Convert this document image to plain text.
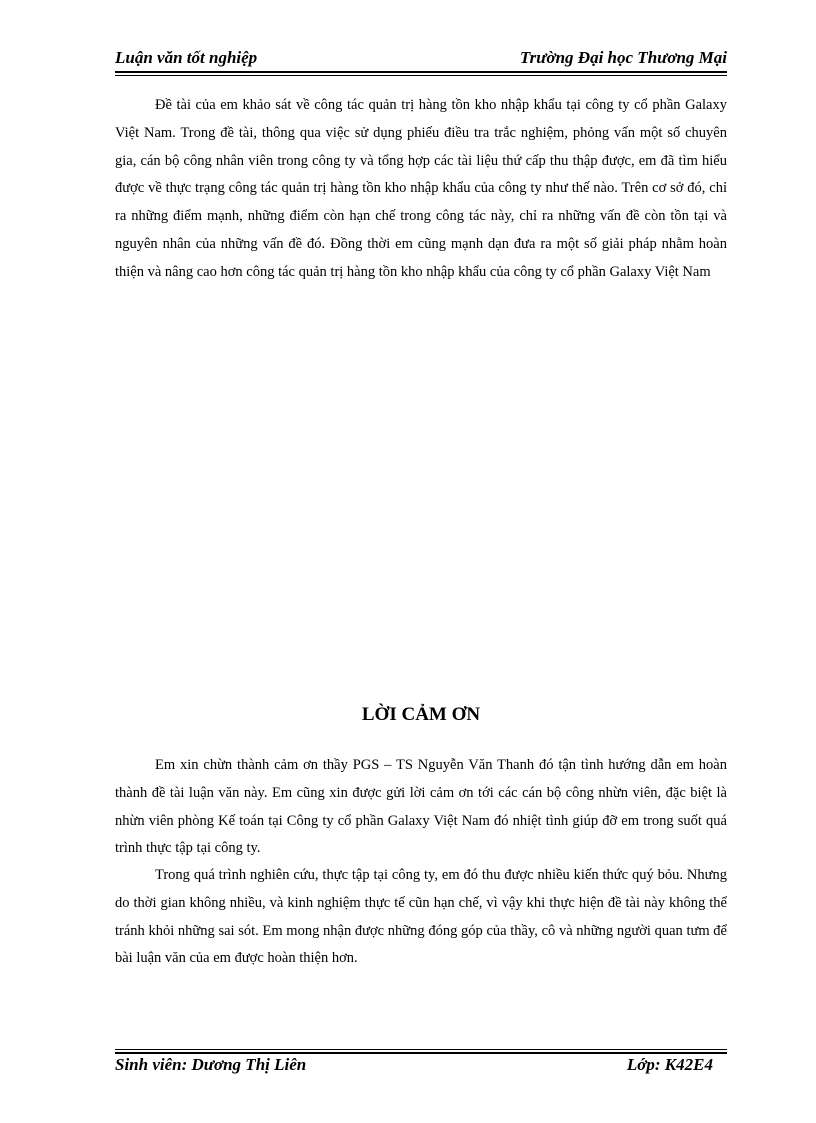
Luận văn tốt nghiệp	Trường Đại học Thương Mại

Đề tài của em khảo sát về công tác quản trị hàng tồn kho nhập khẩu tại công ty cổ phần Galaxy Việt Nam. Trong đề tài, thông qua việc sử dụng phiếu điều tra trắc nghiệm, phỏng vấn một số chuyên gia, cán bộ công nhân viên trong công ty và tổng hợp các tài liệu thứ cấp thu thập được, em đã tìm hiểu được về thực trạng công tác quản trị hàng tồn kho nhập khẩu của công ty như thế nào. Trên cơ sở đó, chỉ ra những điểm mạnh, những điểm còn hạn chế trong công tác này, chỉ ra những vấn đề còn tồn tại và nguyên nhân của những vấn đề đó. Đồng thời em cũng mạnh dạn đưa ra một số giải pháp nhằm hoàn thiện và nâng cao hơn công tác quản trị hàng tồn kho nhập khẩu của công ty cổ phần Galaxy Việt Nam

LỜI CẢM ƠN

Em xin chừn thành cảm ơn thầy PGS – TS Nguyễn Văn Thanh đó tận tình hướng dẫn em hoàn thành đề tài luận văn này. Em cũng xin được gửi lời cảm ơn tới các cán bộ công nhừn viên, đặc biệt là nhừn viên phòng Kế toán tại Công ty cổ phần Galaxy Việt Nam đó nhiệt tình giúp đỡ em trong suốt quá trình thực tập tại công ty.

Trong quá trình nghiên cứu, thực tập tại công ty, em đó thu được nhiều kiến thức quý bỏu. Nhưng do thời gian không nhiều, và kinh nghiệm thực tế cũn hạn chế, vì vậy khi thực hiện đề tài này không thể tránh khỏi những sai sót. Em mong nhận được những đóng góp của thầy, cô và những người quan tưm để bài luận văn của em được hoàn thiện hơn.

Sinh viên: Dương Thị Liên	Lớp: K42E4
